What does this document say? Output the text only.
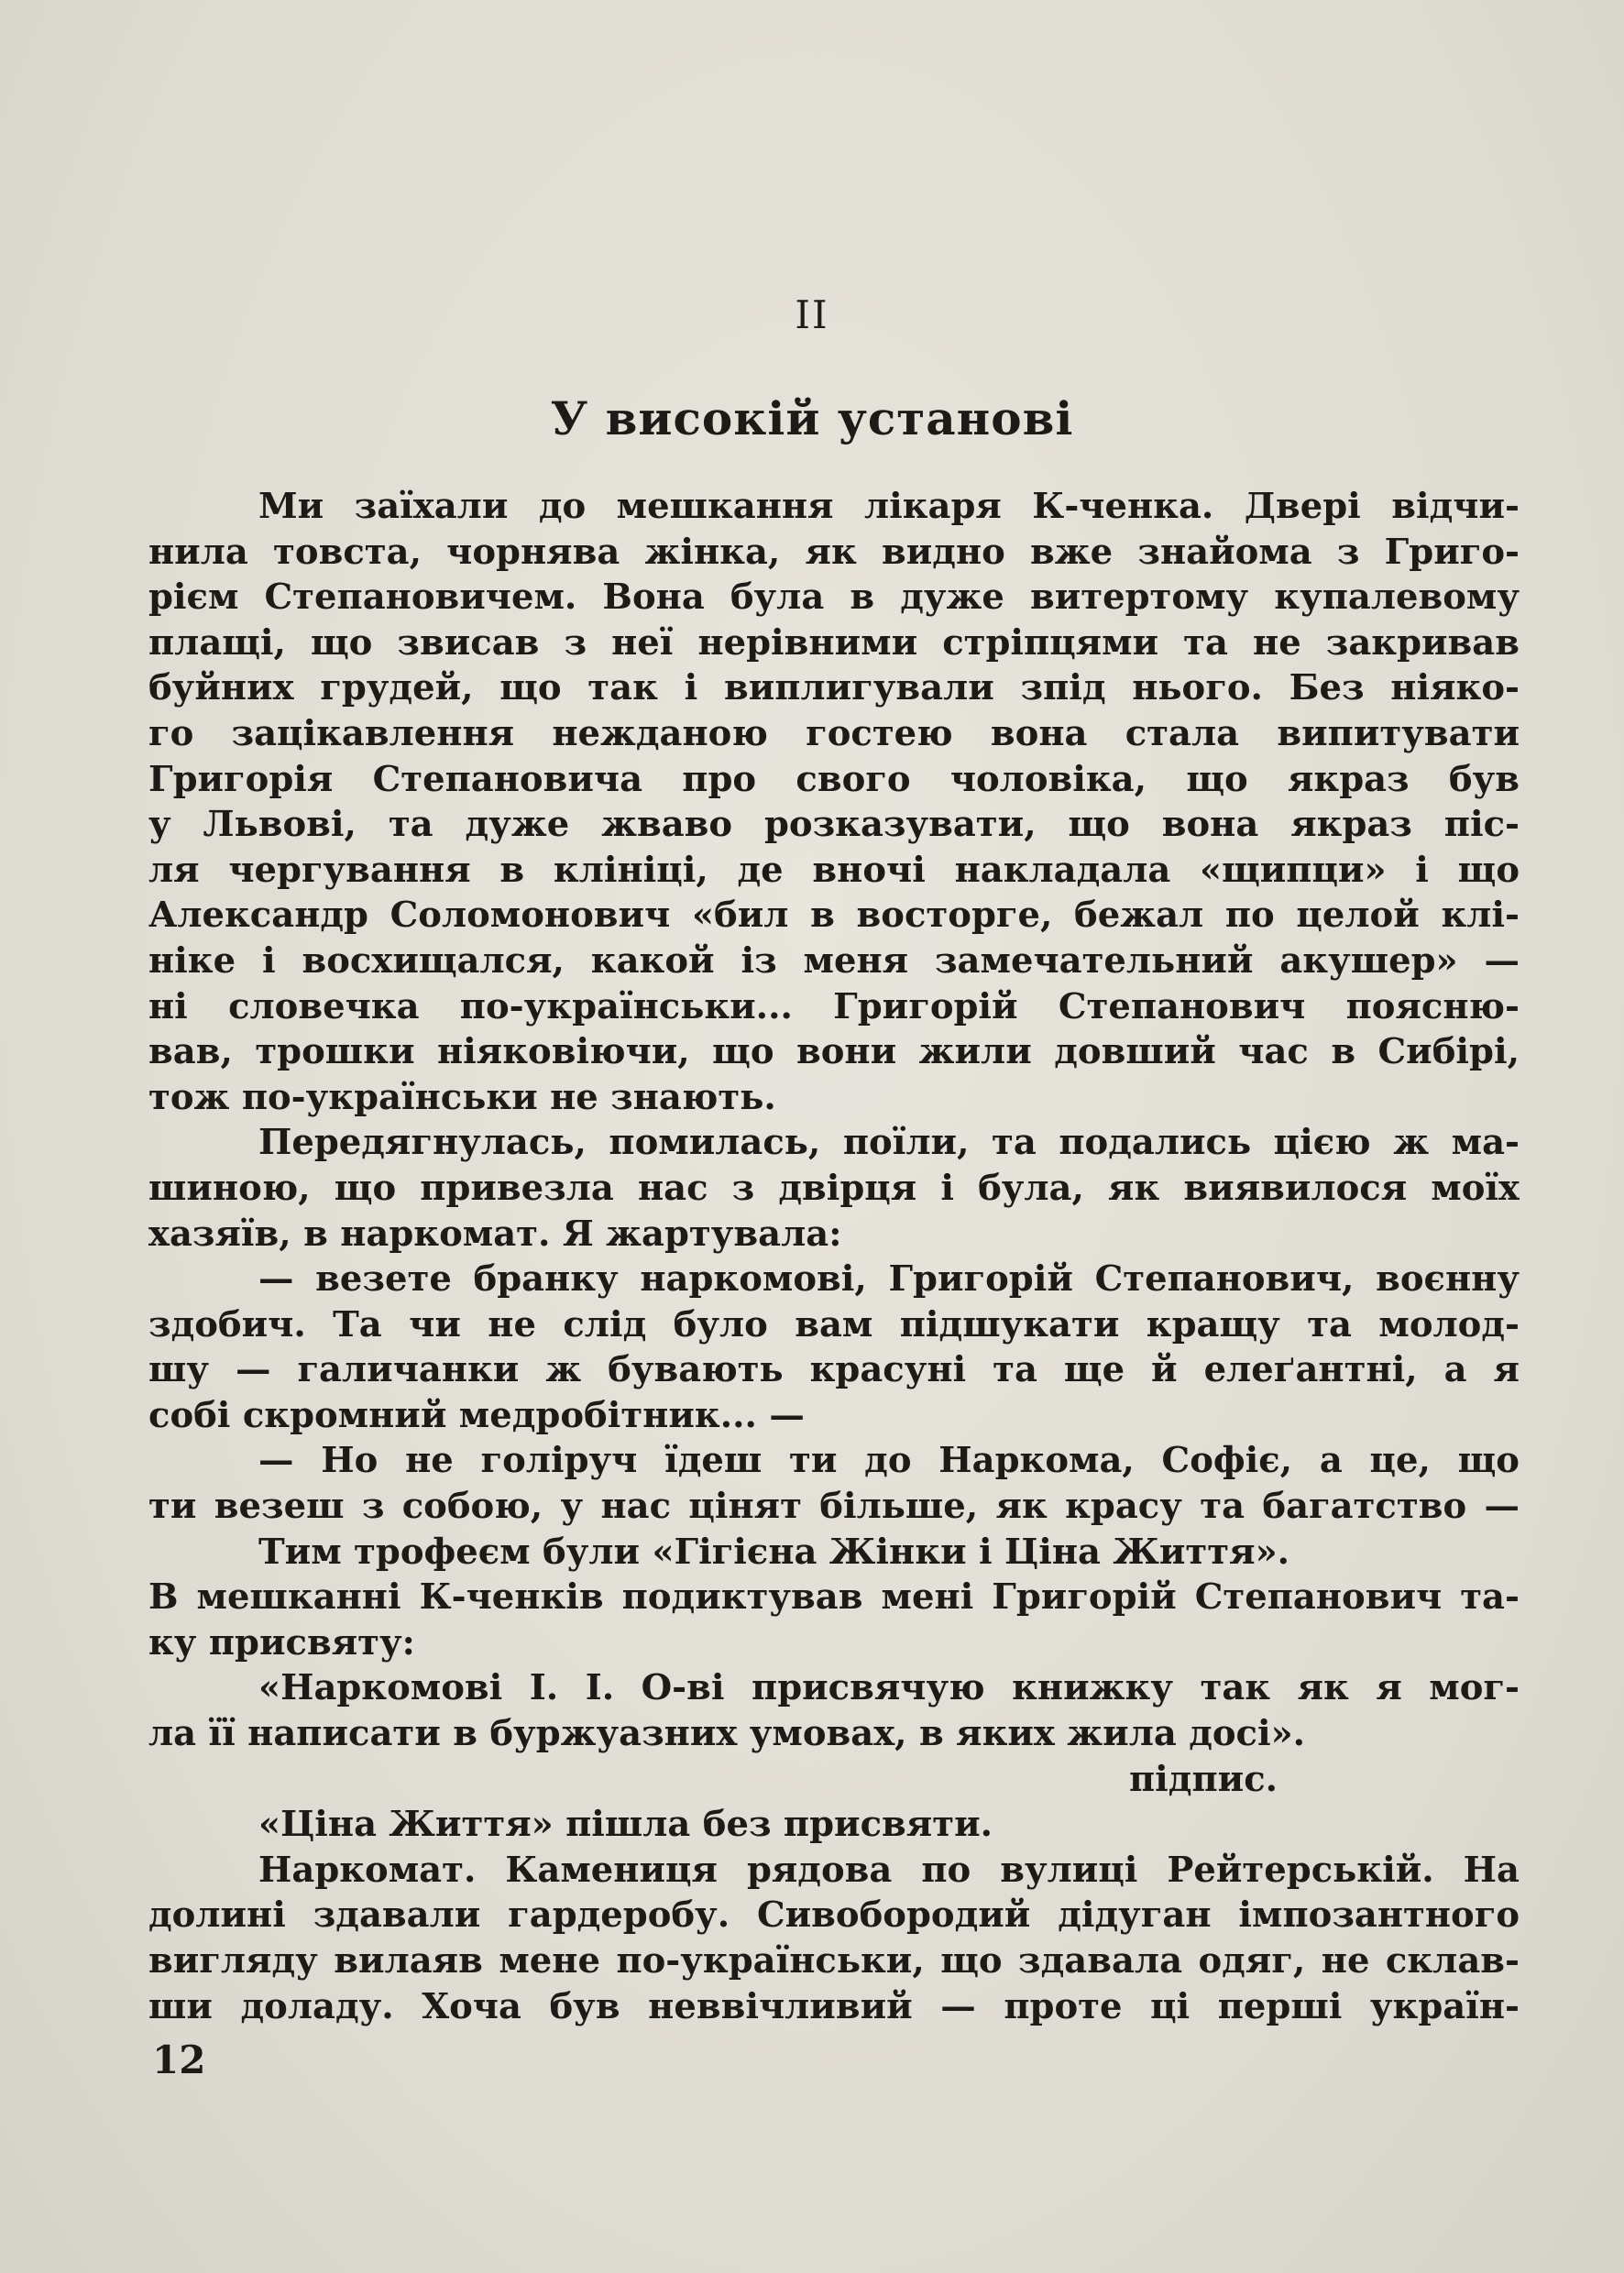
II
У високій установі
Ми заїхали до мешкання лікаря К-ченка. Двері відчи-
нила товста, чорнява жінка, як видно вже знайома з Григо-
рієм Степановичем. Вона була в дуже витертому купалевому
плащі, що звисав з неї нерівними стріпцями та не закривав
буйних грудей, що так і виплигували зпід нього. Без ніяко-
го зацікавлення нежданою гостею вона стала випитувати
Григорія Степановича про свого чоловіка, що якраз був
у Львові, та дуже жваво розказувати, що вона якраз піс-
ля чергування в клініці, де вночі накладала «щипци» і що
Александр Соломонович «бил в восторге, бежал по целой клі-
ніке і восхищался, какой із меня замечательний акушер» —
ні словечка по-українськи... Григорій Степанович поясню-
вав, трошки ніяковіючи, що вони жили довший час в Сибірі,
тож по-українськи не знають.
Передягнулась, помилась, поїли, та подались цією ж ма-
шиною, що привезла нас з двірця і була, як виявилося моїх
хазяїв, в наркомат. Я жартувала:
— везете бранку наркомові, Григорій Степанович, воєнну
здобич. Та чи не слід було вам підшукати кращу та молод-
шу — галичанки ж бувають красуні та ще й елеґантні, а я
собі скромний медробітник... —
— Но не голіруч їдеш ти до Наркома, Софіє, а це, що
ти везеш з собою, у нас цінят більше, як красу та багатство —
Тим трофеєм були «Гігієна Жінки і Ціна Життя».
В мешканні К-ченків подиктував мені Григорій Степанович та-
ку присвяту:
«Наркомові І. І. О-ві присвячую книжку так як я мог-
ла її написати в буржуазних умовах, в яких жила досі».
підпис.
«Ціна Життя» пішла без присвяти.
Наркомат. Камениця рядова по вулиці Рейтерській. На
долині здавали гардеробу. Сивобородий дідуган імпозантного
вигляду вилаяв мене по-українськи, що здавала одяг, не склав-
ши доладу. Хоча був неввічливий — проте ці перші україн-
12
